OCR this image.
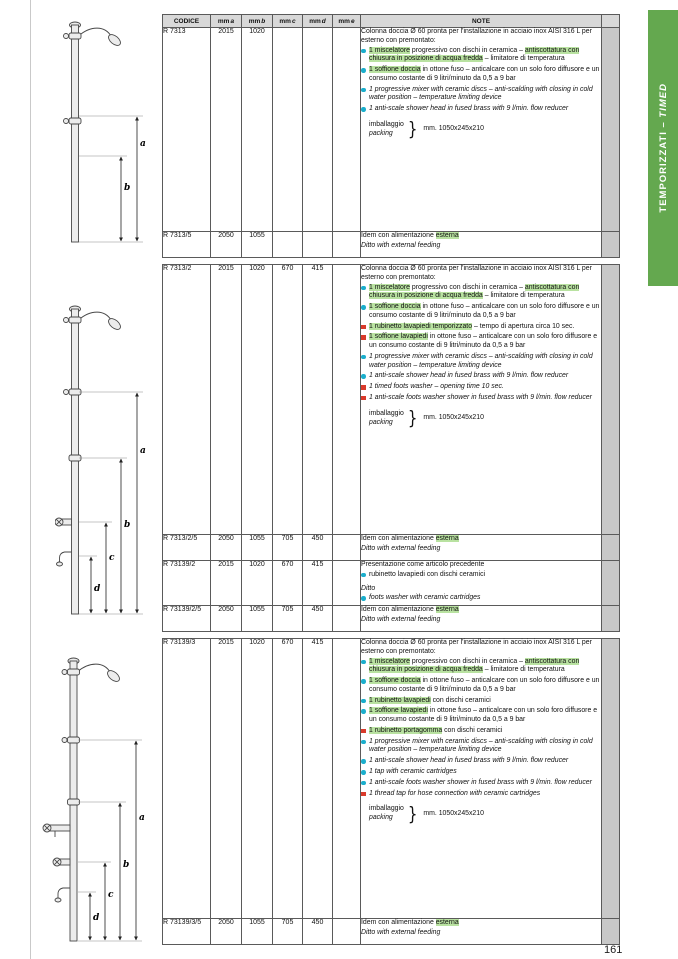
a
b
a
b
c
d
a
b
c
d
CODICE	mma	mmb	mmc	mmd	mme	NOTE	
R 7313	2015	1020				Colonna doccia Ø 60 pronta per l'installazione in acciaio inox AISI 316 L per esterno con premontato:
1 miscelatore progressivo con dischi in ceramica – antiscottatura con chiusura in posizione di acqua fredda – limitatore di temperatura
1 soffione doccia in ottone fuso – anticalcare con un solo foro diffusore e un consumo costante di 9 litri/minuto da 0,5 a 9 bar
1 progressive mixer with ceramic discs – anti-scalding with closing in cold water position – temperature limiting device
1 anti-scale shower head in fused brass with 9 l/min. flow reducer
imballaggio
packing	} mm. 1050x245x210

R 7313/5	2050	1055				Idem con alimentazione esterna
Ditto with external feeding	

R 7313/2	2015	1020	670	415		Colonna doccia Ø 60 pronta per l'installazione in acciaio inox AISI 316 L per esterno con premontato:
1 miscelatore progressivo con dischi in ceramica – antiscottatura con chiusura in posizione di acqua fredda – limitatore di temperatura
1 soffione doccia in ottone fuso – anticalcare con un solo foro diffusore e un consumo costante di 9 litri/minuto da 0,5 a 9 bar
1 rubinetto lavapiedi temporizzato – tempo di apertura circa 10 sec.
1 soffione lavapiedi in ottone fuso – anticalcare con un solo foro diffusore e un consumo costante di 9 litri/minuto da 0,5 a 9 bar
1 progressive mixer with ceramic discs – anti-scalding with closing in cold water position – temperature limiting device
1 anti-scale shower head in fused brass with 9 l/min. flow reducer
1 timed foots washer – opening time 10 sec.
1 anti-scale foots washer shower in fused brass with 9 l/min. flow reducer
imballaggio
packing	} mm. 1050x245x210

R 7313/2/5	2050	1055	705	450		Idem con alimentazione esterna
Ditto with external feeding	

R 73139/2	2015	1020	670	415		Presentazione come articolo precedente
rubinetto lavapiedi con dischi ceramici
Ditto
foots washer with ceramic cartridges	

R 73139/2/5	2050	1055	705	450		Idem con alimentazione esterna
Ditto with external feeding	

R 73139/3	2015	1020	670	415		Colonna doccia Ø 60 pronta per l'installazione in acciaio inox AISI 316 L per esterno con premontato:
1 miscelatore progressivo con dischi in ceramica – antiscottatura con chiusura in posizione di acqua fredda – limitatore di temperatura
1 soffione doccia in ottone fuso – anticalcare con un solo foro diffusore e un consumo costante di 9 litri/minuto da 0,5 a 9 bar
1 rubinetto lavapiedi con dischi ceramici
1 soffione lavapiedi in ottone fuso – anticalcare con un solo foro diffusore e un consumo costante di 9 litri/minuto da 0,5 a 9 bar
1 rubinetto portagomma con dischi ceramici
1 progressive mixer with ceramic discs – anti-scalding with closing in cold water position – temperature limiting device
1 anti-scale shower head in fused brass with 9 l/min. flow reducer
1 tap with ceramic cartridges
1 anti-scale foots washer shower in fused brass with 9 l/min. flow reducer
1 thread tap for hose connection with ceramic cartridges
imballaggio
packing	} mm. 1050x245x210

R 73139/3/5	2050	1055	705	450		Idem con alimentazione esterna
Ditto with external feeding	

TEMPORIZZATI – TIMED
161
